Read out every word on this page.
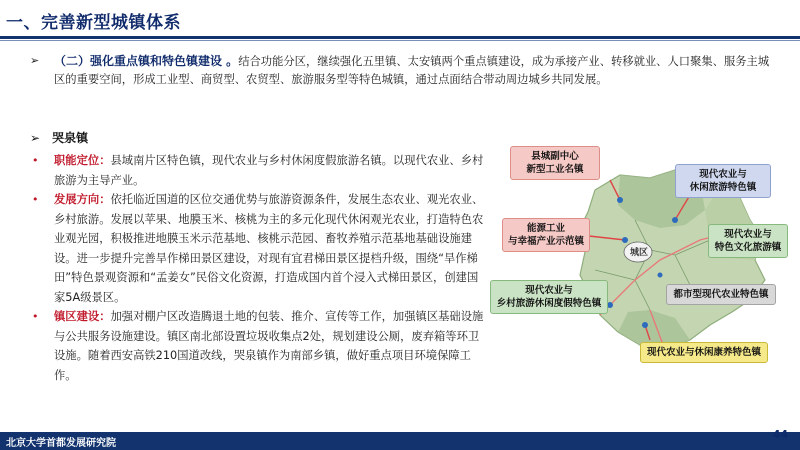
一、完善新型城镇体系
➢ （二）强化重点镇和特色镇建设 。结合功能分区，继续强化五里镇、太安镇两个重点镇建设，成为承接产业、转移就业、人口聚集、服务主城区的重要空间，形成工业型、商贸型、农贸型、旅游服务型等特色城镇，通过点面结合带动周边城乡共同发展。
➢ 哭泉镇
• 职能定位：县域南片区特色镇，现代农业与乡村休闲度假旅游名镇。以现代农业、乡村旅游为主导产业。
• 发展方向：依托临近国道的区位交通优势与旅游资源条件，发展生态农业、观光农业、乡村旅游。发展以苹果、地膜玉米、核桃为主的多元化现代休闲观光农业，打造特色农业观光园，积极推进地膜玉米示范基地、核桃示范园、畜牧养殖示范基地基础设施建设。进一步提升完善旱作梯田景区建设，对现有宜君梯田景区提档升级，围绕“旱作梯田”特色景观资源和“孟姜女”民俗文化资源，打造成国内首个浸入式梯田景区，创建国家5A级景区。
• 镇区建设：加强对棚户区改造腾退土地的包装、推介、宣传等工作，加强镇区基础设施与公共服务设施建设。镇区南北部设置垃圾收集点2处，规划建设公厕，废弃箱等环卫设施。随着西安高铁210国道改线，哭泉镇作为南部乡镇，做好重点项目环境保障工作。
城区
县城副中心
新型工业名镇	现代农业与
休闲旅游特色镇
能源工业
与幸福产业示范镇
现代农业与
特色文化旅游镇
现代农业与
乡村旅游休闲度假特色镇
都市型现代农业特色镇
现代农业与休闲康养特色镇
北京大学首都发展研究院
44
